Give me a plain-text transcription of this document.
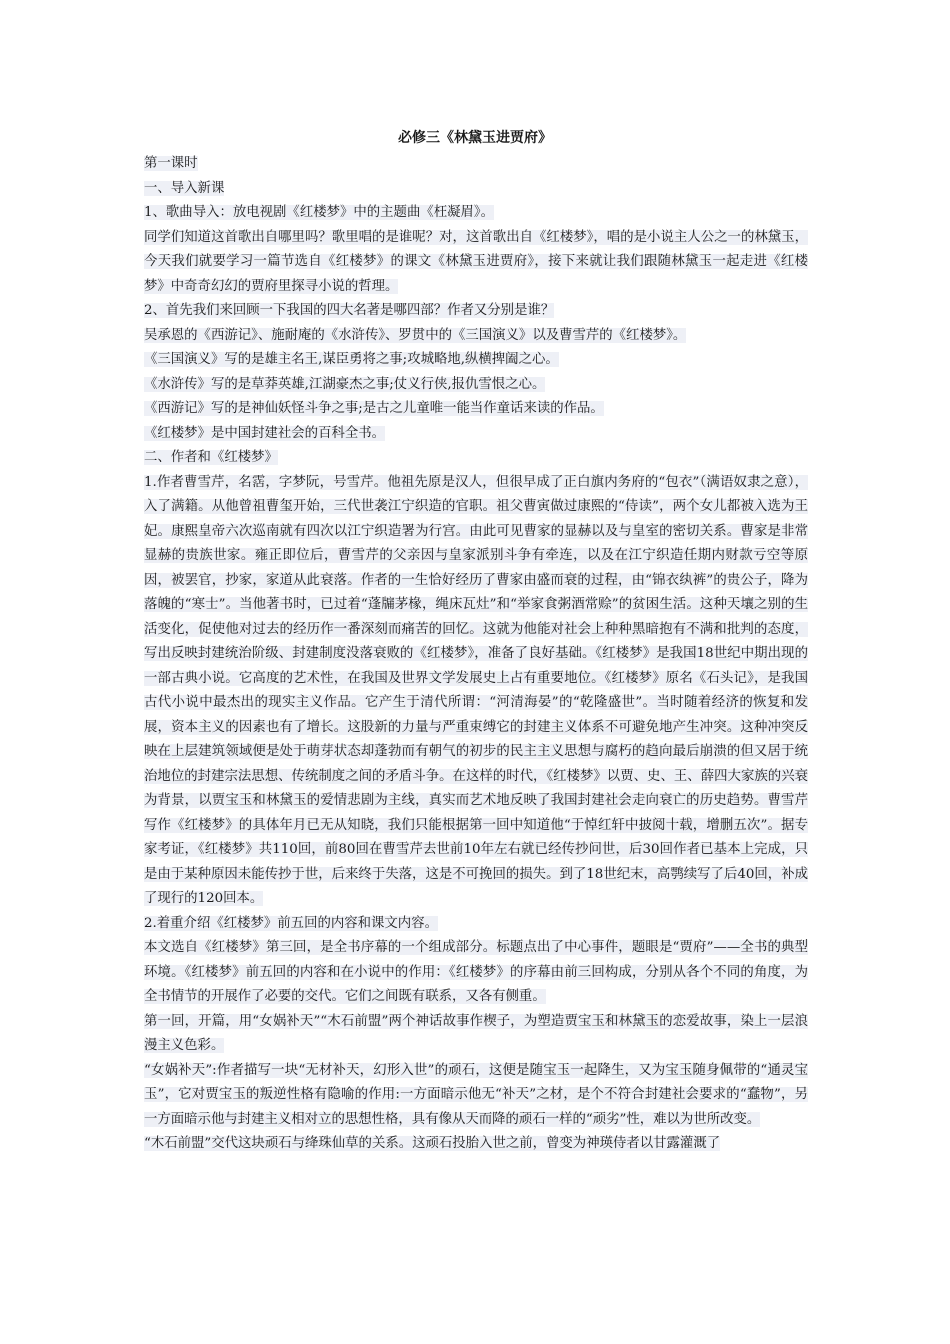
必修三《林黛玉进贾府》

第一课时

一、导入新课

1、歌曲导入：放电视剧《红楼梦》中的主题曲《枉凝眉》。

同学们知道这首歌出自哪里吗？歌里唱的是谁呢？对，这首歌出自《红楼梦》，唱的是小说主人公之一的林黛玉，今天我们就要学习一篇节选自《红楼梦》的课文《林黛玉进贾府》，接下来就让我们跟随林黛玉一起走进《红楼梦》中奇奇幻幻的贾府里探寻小说的哲理。

2、首先我们来回顾一下我国的四大名著是哪四部？作者又分别是谁？

吴承恩的《西游记》、施耐庵的《水浒传》、罗贯中的《三国演义》以及曹雪芹的《红楼梦》。

《三国演义》写的是雄主名王,谋臣勇将之事;攻城略地,纵横捭阖之心。

《水浒传》写的是草莽英雄,江湖豪杰之事;仗义行侠,报仇雪恨之心。

《西游记》写的是神仙妖怪斗争之事;是古之儿童唯一能当作童话来读的作品。

《红楼梦》是中国封建社会的百科全书。

二、作者和《红楼梦》

1.作者曹雪芹，名霑，字梦阮，号雪芹。他祖先原是汉人，但很早成了正白旗内务府的“包衣”（满语奴隶之意），入了满籍。从他曾祖曹玺开始，三代世袭江宁织造的官职。祖父曹寅做过康熙的“侍读”，两个女儿都被入选为王妃。康熙皇帝六次巡南就有四次以江宁织造署为行宫。由此可见曹家的显赫以及与皇室的密切关系。曹家是非常显赫的贵族世家。雍正即位后，曹雪芹的父亲因与皇家派别斗争有牵连，以及在江宁织造任期内财款亏空等原因，被罢官，抄家，家道从此衰落。作者的一生恰好经历了曹家由盛而衰的过程，由“锦衣纨裤”的贵公子，降为落魄的“寒士”。当他著书时，已过着“蓬牖茅椽，绳床瓦灶”和“举家食粥酒常赊”的贫困生活。这种天壤之别的生活变化，促使他对过去的经历作一番深刻而痛苦的回忆。这就为他能对社会上种种黑暗抱有不满和批判的态度，写出反映封建统治阶级、封建制度没落衰败的《红楼梦》，准备了良好基础。《红楼梦》是我国18世纪中期出现的一部古典小说。它高度的艺术性，在我国及世界文学发展史上占有重要地位。《红楼梦》原名《石头记》，是我国古代小说中最杰出的现实主义作品。它产生于清代所谓：“河清海晏”的“乾隆盛世”。当时随着经济的恢复和发展，资本主义的因素也有了增长。这股新的力量与严重束缚它的封建主义体系不可避免地产生冲突。这种冲突反映在上层建筑领域便是处于萌芽状态却蓬勃而有朝气的初步的民主主义思想与腐朽的趋向最后崩溃的但又居于统治地位的封建宗法思想、传统制度之间的矛盾斗争。在这样的时代，《红楼梦》以贾、史、王、薛四大家族的兴衰为背景，以贾宝玉和林黛玉的爱情悲剧为主线，真实而艺术地反映了我国封建社会走向衰亡的历史趋势。曹雪芹写作《红楼梦》的具体年月已无从知晓，我们只能根据第一回中知道他“于悼红轩中披阅十载，增删五次”。据专家考证，《红楼梦》共110回，前80回在曹雪芹去世前10年左右就已经传抄问世，后30回作者已基本上完成，只是由于某种原因未能传抄于世，后来终于失落，这是不可挽回的损失。到了18世纪末，高鹗续写了后40回，补成了现行的120回本。

2.着重介绍《红楼梦》前五回的内容和课文内容。

本文选自《红楼梦》第三回，是全书序幕的一个组成部分。标题点出了中心事件，题眼是“贾府”——全书的典型环境。《红楼梦》前五回的内容和在小说中的作用：《红楼梦》的序幕由前三回构成，分别从各个不同的角度，为全书情节的开展作了必要的交代。它们之间既有联系，又各有侧重。

第一回，开篇，用“女娲补天”“木石前盟”两个神话故事作楔子，为塑造贾宝玉和林黛玉的恋爱故事，染上一层浪漫主义色彩。

“女娲补天”:作者描写一块“无材补天，幻形入世”的顽石，这便是随宝玉一起降生，又为宝玉随身佩带的“通灵宝玉”，它对贾宝玉的叛逆性格有隐喻的作用:一方面暗示他无“补天”之材，是个不符合封建社会要求的“蠢物”，另一方面暗示他与封建主义相对立的思想性格，具有像从天而降的顽石一样的“顽劣”性，难以为世所改变。

“木石前盟”交代这块顽石与绛珠仙草的关系。这顽石投胎入世之前，曾变为神瑛侍者以甘露灌溉了
